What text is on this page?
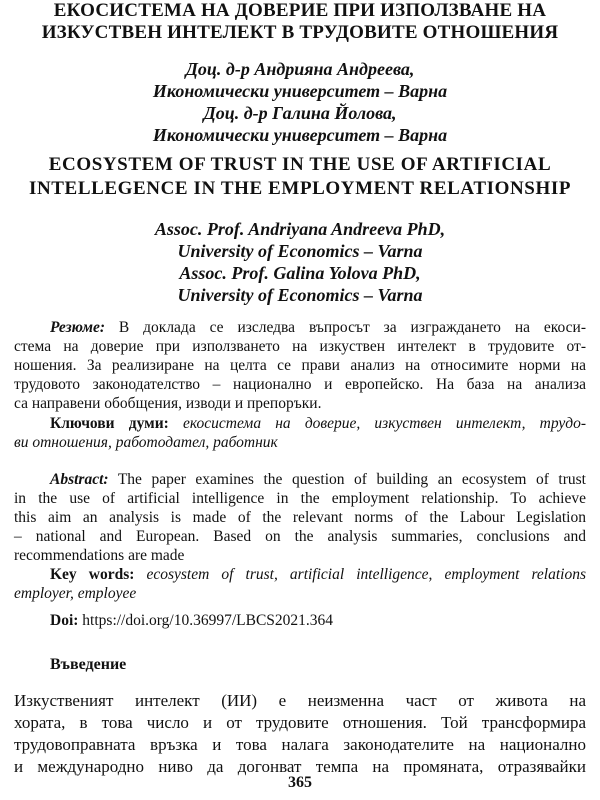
ЕКОСИСТЕМА НА ДОВЕРИЕ ПРИ ИЗПОЛЗВАНЕ НА
ИЗКУСТВЕН ИНТЕЛЕКТ В ТРУДОВИТЕ ОТНОШЕНИЯ
Доц. д-р Андрияна Андреева,
Икономически университет – Варна
Доц. д-р Галина Йолова,
Икономически университет – Варна
ECOSYSTEM OF TRUST IN THE USE OF ARTIFICIAL
INTELLEGENCE IN THE EMPLOYMENT RELATIONSHIP
Assoc. Prof. Andriyana Andreeva PhD,
University of Economics – Varna
Assoc. Prof. Galina Yolova PhD,
University of Economics – Varna
Резюме: В доклада се изследва въпросът за изграждането на екоси-
стема на доверие при използването на изкуствен интелект в трудовите от-
ношения. За реализиране на целта се прави анализ на относимите норми на
трудовото законодателство – национално и европейско. На база на анализа
са направени обобщения, изводи и препоръки.
Ключови думи: екосистема на доверие, изкуствен интелект, трудо-
ви отношения, работодател, работник
Abstract: The paper examines the question of building an ecosystem of trust
in the use of artificial intelligence in the employment relationship. To achieve
this aim an analysis is made of the relevant norms of the Labour Legislation
– national and European. Based on the analysis summaries, conclusions and
recommendations are made
Key words: ecosystem of trust, artificial intelligence, employment relations
employer, employee
Doi: https://doi.org/10.36997/LBCS2021.364
Въведение
Изкуственият интелект (ИИ) е неизменна част от живота на
хората, в това число и от трудовите отношения. Той трансформира
трудовоправната връзка и това налага законодателите на национално
и международно ниво да догонват темпа на промяната, отразявайки
365
